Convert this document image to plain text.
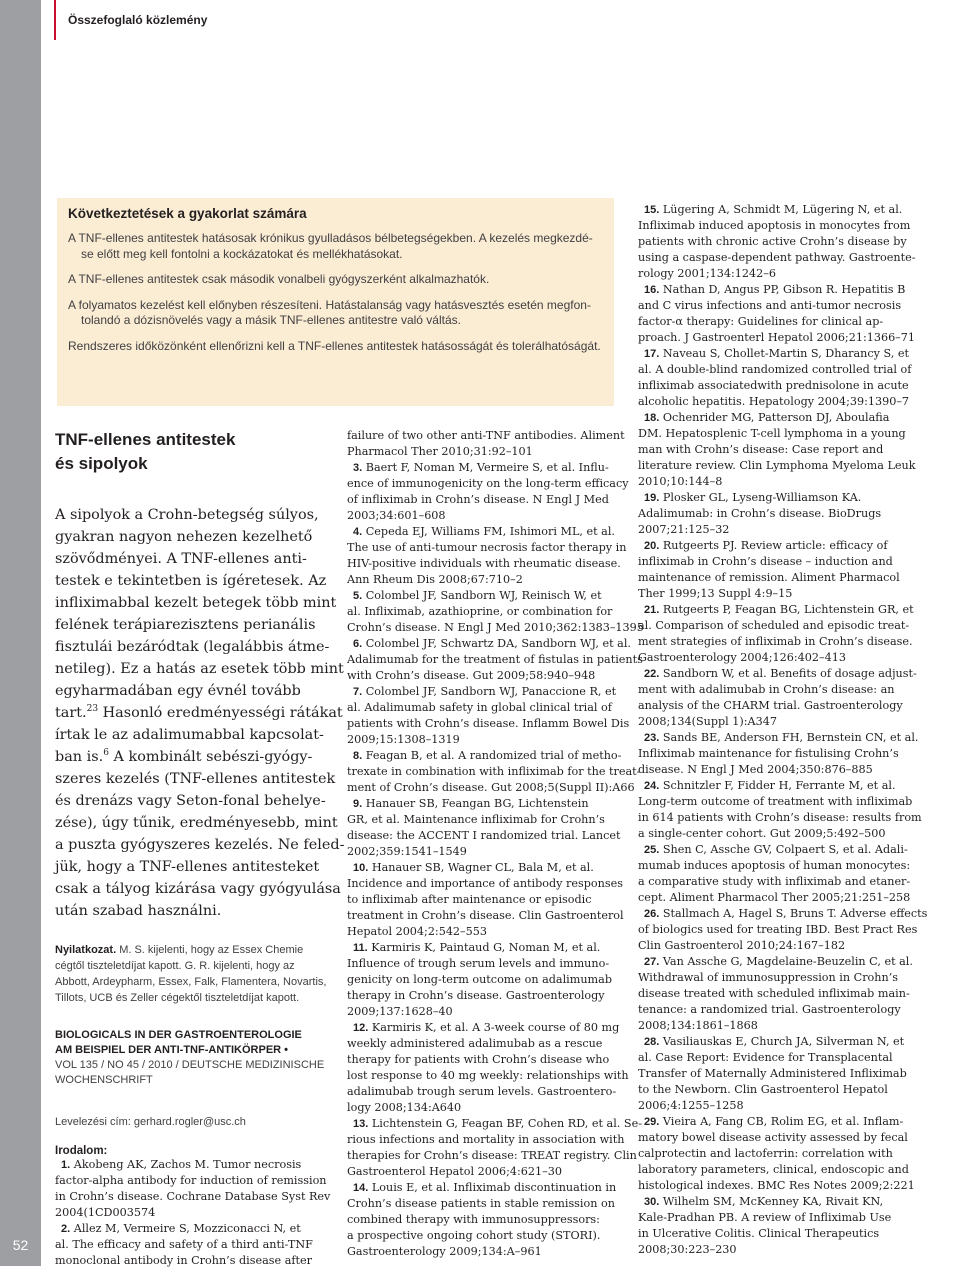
Összefoglaló közlemény
52
Következtetések a gyakorlat számára
A TNF-ellenes antitestek hatásosak krónikus gyulladásos bélbetegségekben. A kezelés megkezdé-
se előtt meg kell fontolni a kockázatokat és mellékhatásokat.
A TNF-ellenes antitestek csak második vonalbeli gyógyszerként alkalmazhatók.
A folyamatos kezelést kell előnyben részesíteni. Hatástalanság vagy hatásvesztés esetén megfon-
tolandó a dózisnövelés vagy a másik TNF-ellenes antitestre való váltás.
Rendszeres időközönként ellenőrizni kell a TNF-ellenes antitestek hatásosságát és tolerálhatóságát.
TNF-ellenes antitestek
és sipolyok
A sipolyok a Crohn-betegség súlyos,
gyakran nagyon nehezen kezelhető
szövődményei. A TNF-ellenes anti-
testek e tekintetben is ígéretesek. Az
infliximabbal kezelt betegek több mint
felének terápiarezisztens perianális
fisztulái bezáródtak (legalábbis átme-
netileg). Ez a hatás az esetek több mint
egyharmadában egy évnél tovább
tart.$^{23}$ Hasonló eredményességi rátákat
írtak le az adalimumabbal kapcsolat-
ban is.$^6$ A kombinált sebészi-gyógy-
szeres kezelés (TNF-ellenes antitestek
és drenázs vagy Seton-fonal behelye-
zése), úgy tűnik, eredményesebb, mint
a puszta gyógyszeres kezelés. Ne feled-
jük, hogy a TNF-ellenes antitesteket
csak a tályog kizárása vagy gyógyulása
után szabad használni.
Nyilatkozat. M. S. kijelenti, hogy az Essex Chemie
cégtől tiszteletdíjat kapott. G. R. kijelenti, hogy az
Abbott, Ardeypharm, Essex, Falk, Flamentera, Novartis,
Tillots, UCB és Zeller cégektől tiszteletdíjat kapott.
BIOLOGICALS IN DER GASTROENTEROLOGIE
AM BEISPIEL DER ANTI-TNF-ANTIKÖRPER •
VOL 135 / NO 45 / 2010 / DEUTSCHE MEDIZINISCHE
WOCHENSCHRIFT
Levelezési cím: gerhard.rogler@usc.ch
Irodalom:
1. Akobeng AK, Zachos M. Tumor necrosis
factor-alpha antibody for induction of remission
in Crohn’s disease. Cochrane Database Syst Rev
2004(1CD003574
2. Allez M, Vermeire S, Mozziconacci N, et
al. The efficacy and safety of a third anti-TNF
monoclonal antibody in Crohn’s disease after
failure of two other anti-TNF antibodies. Aliment
Pharmacol Ther 2010;31:92–101
3. Baert F, Noman M, Vermeire S, et al. Influ-
ence of immunogenicity on the long-term efficacy
of infliximab in Crohn’s disease. N Engl J Med
2003;34:601–608
4. Cepeda EJ, Williams FM, Ishimori ML, et al.
The use of anti-tumour necrosis factor therapy in
HIV-positive individuals with rheumatic disease.
Ann Rheum Dis 2008;67:710–2
5. Colombel JF, Sandborn WJ, Reinisch W, et
al. Infliximab, azathioprine, or combination for
Crohn’s disease. N Engl J Med 2010;362:1383–1395
6. Colombel JF, Schwartz DA, Sandborn WJ, et al.
Adalimumab for the treatment of fistulas in patients
with Crohn’s disease. Gut 2009;58:940–948
7. Colombel JF, Sandborn WJ, Panaccione R, et
al. Adalimumab safety in global clinical trial of
patients with Crohn’s disease. Inflamm Bowel Dis
2009;15:1308–1319
8. Feagan B, et al. A randomized trial of metho-
trexate in combination with infliximab for the treat-
ment of Crohn’s disease. Gut 2008;5(Suppl II):A66
9. Hanauer SB, Feangan BG, Lichtenstein
GR, et al. Maintenance infliximab for Crohn’s
disease: the ACCENT I randomized trial. Lancet
2002;359:1541–1549
10. Hanauer SB, Wagner CL, Bala M, et al.
Incidence and importance of antibody responses
to infliximab after maintenance or episodic
treatment in Crohn’s disease. Clin Gastroenterol
Hepatol 2004;2:542–553
11. Karmiris K, Paintaud G, Noman M, et al.
Influence of trough serum levels and immuno-
genicity on long-term outcome on adalimumab
therapy in Crohn’s disease. Gastroenterology
2009;137:1628–40
12. Karmiris K, et al. A 3-week course of 80 mg
weekly administered adalimubab as a rescue
therapy for patients with Crohn’s disease who
lost response to 40 mg weekly: relationships with
adalimubab trough serum levels. Gastroentero-
logy 2008;134:A640
13. Lichtenstein G, Feagan BF, Cohen RD, et al. Se-
rious infections and mortality in association with
therapies for Crohn’s disease: TREAT registry. Clin
Gastroenterol Hepatol 2006;4:621–30
14. Louis E, et al. Infliximab discontinuation in
Crohn’s disease patients in stable remission on
combined therapy with immunosuppressors:
a prospective ongoing cohort study (STORI).
Gastroenterology 2009;134:A–961
15. Lügering A, Schmidt M, Lügering N, et al.
Infliximab induced apoptosis in monocytes from
patients with chronic active Crohn’s disease by
using a caspase-dependent pathway. Gastroente-
rology 2001;134:1242–6
16. Nathan D, Angus PP, Gibson R. Hepatitis B
and C virus infections and anti-tumor necrosis
factor-α therapy: Guidelines for clinical ap-
proach. J Gastroenterl Hepatol 2006;21:1366–71
17. Naveau S, Chollet-Martin S, Dharancy S, et
al. A double-blind randomized controlled trial of
infliximab associatedwith prednisolone in acute
alcoholic hepatitis. Hepatology 2004;39:1390–7
18. Ochenrider MG, Patterson DJ, Aboulafia
DM. Hepatosplenic T-cell lymphoma in a young
man with Crohn’s disease: Case report and
literature review. Clin Lymphoma Myeloma Leuk
2010;10:144–8
19. Plosker GL, Lyseng-Williamson KA.
Adalimumab: in Crohn’s disease. BioDrugs
2007;21:125–32
20. Rutgeerts PJ. Review article: efficacy of
infliximab in Crohn’s disease – induction and
maintenance of remission. Aliment Pharmacol
Ther 1999;13 Suppl 4:9–15
21. Rutgeerts P, Feagan BG, Lichtenstein GR, et
al. Comparison of scheduled and episodic treat-
ment strategies of infliximab in Crohn’s disease.
Gastroenterology 2004;126:402–413
22. Sandborn W, et al. Benefits of dosage adjust-
ment with adalimubab in Crohn’s disease: an
analysis of the CHARM trial. Gastroenterology
2008;134(Suppl 1):A347
23. Sands BE, Anderson FH, Bernstein CN, et al.
Infliximab maintenance for fistulising Crohn’s
disease. N Engl J Med 2004;350:876–885
24. Schnitzler F, Fidder H, Ferrante M, et al.
Long-term outcome of treatment with infliximab
in 614 patients with Crohn’s disease: results from
a single-center cohort. Gut 2009;5:492–500
25. Shen C, Assche GV, Colpaert S, et al. Adali-
mumab induces apoptosis of human monocytes:
a comparative study with infliximab and etaner-
cept. Aliment Pharmacol Ther 2005;21:251–258
26. Stallmach A, Hagel S, Bruns T. Adverse effects
of biologics used for treating IBD. Best Pract Res
Clin Gastroenterol 2010;24:167–182
27. Van Assche G, Magdelaine-Beuzelin C, et al.
Withdrawal of immunosuppression in Crohn’s
disease treated with scheduled infliximab main-
tenance: a randomized trial. Gastroenterology
2008;134:1861–1868
28. Vasiliauskas E, Church JA, Silverman N, et
al. Case Report: Evidence for Transplacental
Transfer of Maternally Administered Infliximab
to the Newborn. Clin Gastroenterol Hepatol
2006;4:1255–1258
29. Vieira A, Fang CB, Rolim EG, et al. Inflam-
matory bowel disease activity assessed by fecal
calprotectin and lactoferrin: correlation with
laboratory parameters, clinical, endoscopic and
histological indexes. BMC Res Notes 2009;2:221
30. Wilhelm SM, McKenney KA, Rivait KN,
Kale-Pradhan PB. A review of Infliximab Use
in Ulcerative Colitis. Clinical Therapeutics
2008;30:223–230
